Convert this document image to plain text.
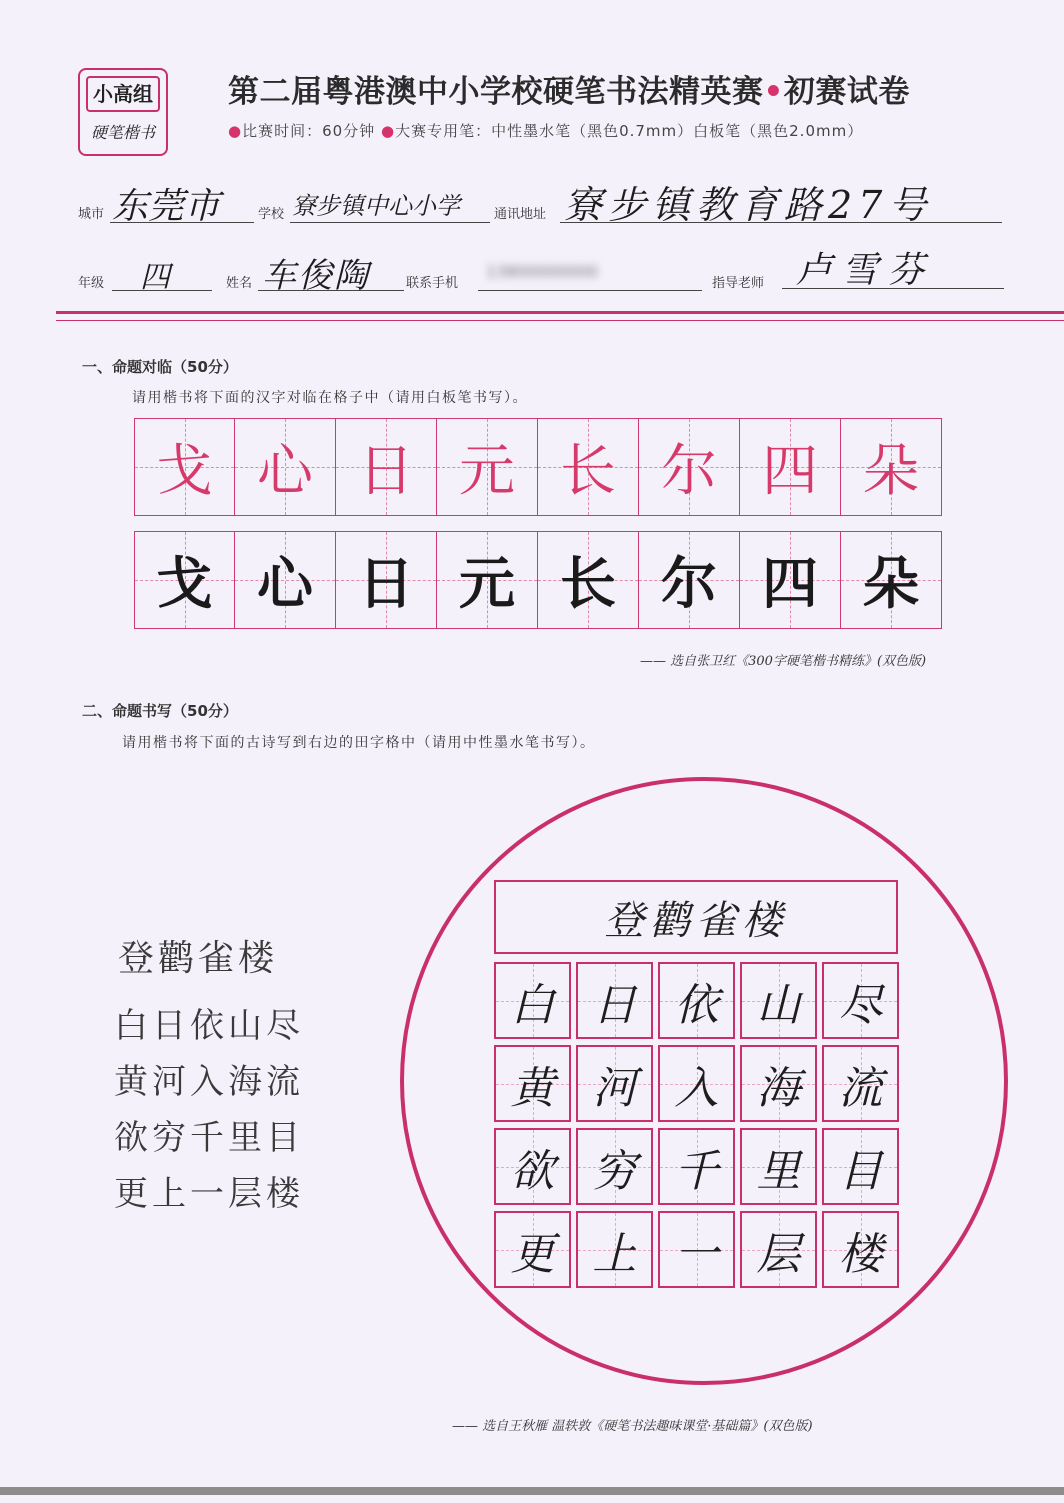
小高组
硬笔楷书
第二届粤港澳中小学校硬笔书法精英赛•初赛试卷
●比赛时间：60分钟 ●大赛专用笔：中性墨水笔（黑色0.7mm）白板笔（黑色2.0mm）
城市 东莞市	学校 寮步镇中心小学	通讯地址 寮步镇教育路27号
年级 四	姓名 车俊陶	联系手机
13800000000
指导老师 卢雪芬
一、命题对临（50分）
请用楷书将下面的汉字对临在格子中（请用白板笔书写）。
戈 心 日 元 长 尔 四 朵
戈 心 日 元 长 尔 四 朵
—— 选自张卫红《300字硬笔楷书精练》(双色版)
二、命题书写（50分）
请用楷书将下面的古诗写到右边的田字格中（请用中性墨水笔书写）。
登鹳雀楼
白日依山尽
黄河入海流
欲穷千里目
更上一层楼
登鹳雀楼
白 日 依 山 尽
黄 河 入 海 流
欲 穷 千 里 目
更 上 一 层 楼
—— 选自王秋雁 温轶敦《硬笔书法趣味课堂·基础篇》(双色版)
